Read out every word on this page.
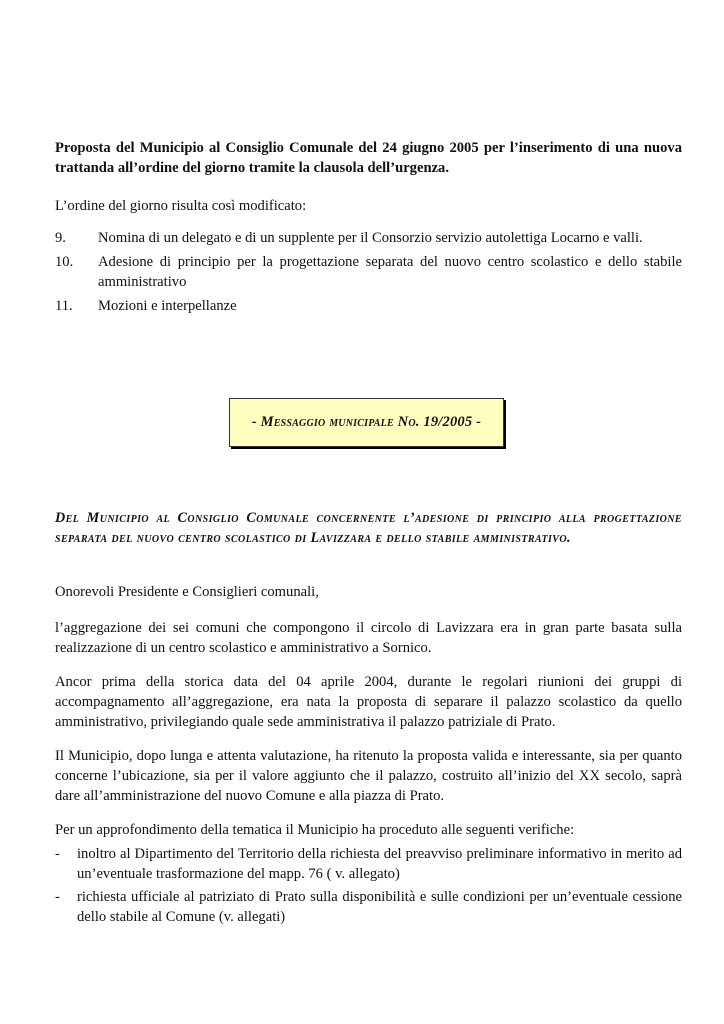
Proposta del Municipio al Consiglio Comunale del 24 giugno 2005 per l’inserimento di una nuova trattanda all’ordine del giorno tramite la clausola dell’urgenza.

L’ordine del giorno risulta così modificato:

9.	Nomina di un delegato e di un supplente per il Consorzio servizio autolettiga Locarno e valli.
10.	Adesione di principio per la progettazione separata del nuovo centro scolastico e dello stabile amministrativo
11.	Mozioni e interpellanze
- Messaggio municipale No. 19/2005 -

Del Municipio al Consiglio Comunale concernente l’adesione di principio alla progettazione separata del nuovo centro scolastico di Lavizzara e dello stabile amministrativo.

Onorevoli Presidente e Consiglieri comunali,

l’aggregazione dei sei comuni che compongono il circolo di Lavizzara era in gran parte basata sulla realizzazione di un centro scolastico e amministrativo a Sornico.

Ancor prima della storica data del 04 aprile 2004, durante le regolari riunioni dei gruppi di accompagnamento all’aggregazione, era nata la proposta di separare il palazzo scolastico da quello amministrativo, privilegiando quale sede amministrativa il palazzo patriziale di Prato.

Il Municipio, dopo lunga e attenta valutazione, ha ritenuto la proposta valida e interessante, sia per quanto concerne l’ubicazione, sia per il valore aggiunto che il palazzo, costruito all’inizio del XX secolo, saprà dare all’amministrazione del nuovo Comune e alla piazza di Prato.

Per un approfondimento della tematica il Municipio ha proceduto alle seguenti verifiche:

-	inoltro al Dipartimento del Territorio della richiesta del preavviso preliminare informativo in merito ad un’eventuale trasformazione del mapp. 76 ( v. allegato)
-	richiesta ufficiale al patriziato di Prato sulla disponibilità e sulle condizioni per un’eventuale cessione dello stabile al Comune (v. allegati)
